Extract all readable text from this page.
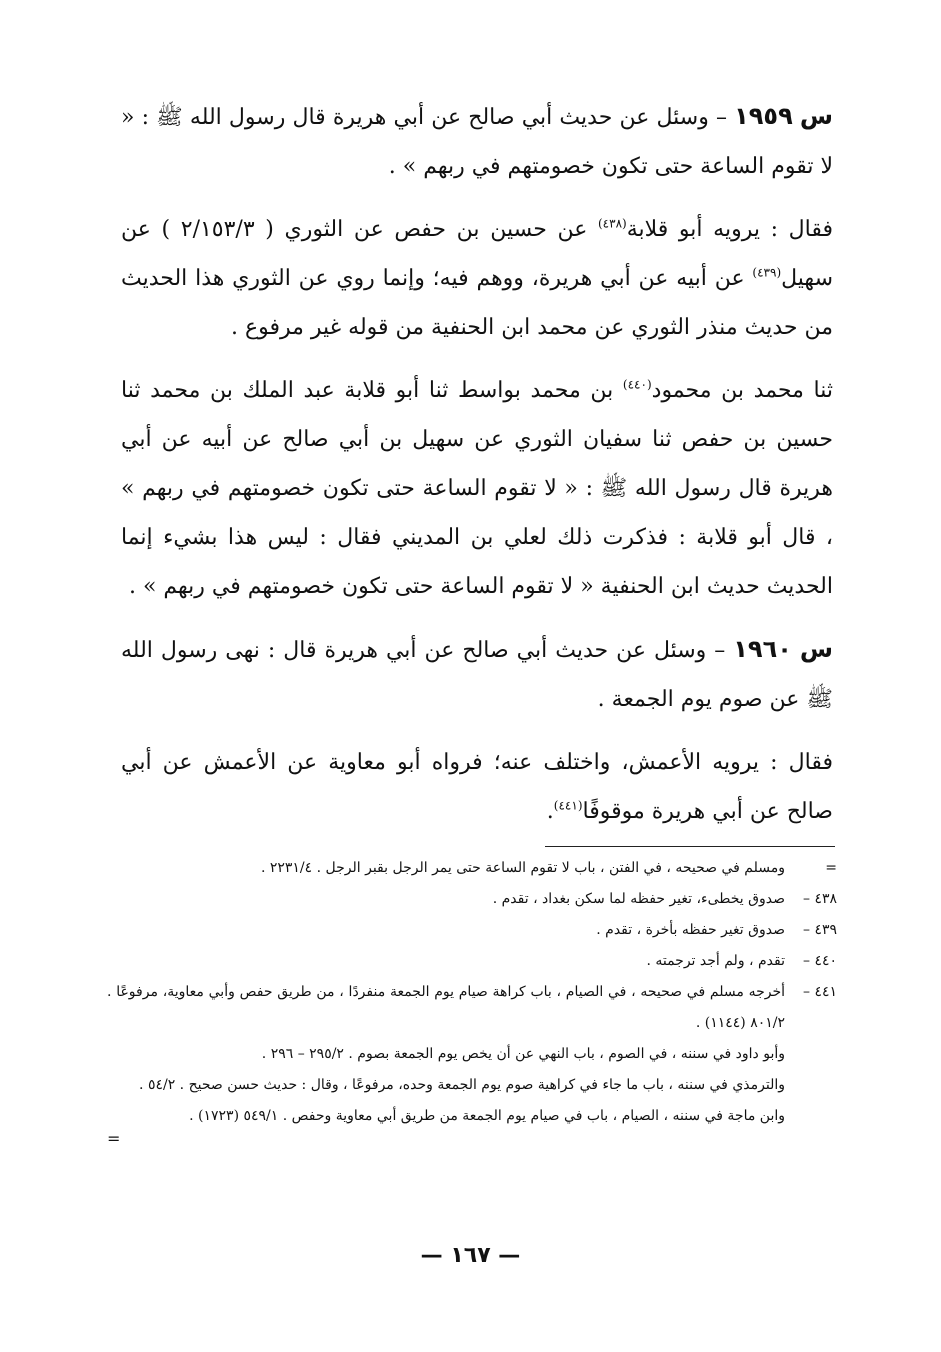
س ١٩٥٩ – وسئل عن حديث أبي صالح عن أبي هريرة قال رسول الله ﷺ : « لا تقوم الساعة حتى تكون خصومتهم في ربهم » .

فقال : يرويه أبو قلابة$^{(٤٣٨)}$ عن حسين بن حفص عن الثوري ( ٢/١٥٣/٣ ) عن سهيل$^{(٤٣٩)}$ عن أبيه عن أبي هريرة، ووهم فيه؛ وإنما روي عن الثوري هذا الحديث من حديث منذر الثوري عن محمد ابن الحنفية من قوله غير مرفوع .

ثنا محمد بن محمود$^{(٤٤٠)}$ بن محمد بواسط ثنا أبو قلابة عبد الملك بن محمد ثنا حسين بن حفص ثنا سفيان الثوري عن سهيل بن أبي صالح عن أبيه عن أبي هريرة قال رسول الله ﷺ : « لا تقوم الساعة حتى تكون خصومتهم في ربهم » ، قال أبو قلابة : فذكرت ذلك لعلي بن المديني فقال : ليس هذا بشيء إنما الحديث حديث ابن الحنفية « لا تقوم الساعة حتى تكون خصومتهم في ربهم » .

س ١٩٦٠ – وسئل عن حديث أبي صالح عن أبي هريرة قال : نهى رسول الله ﷺ عن صوم يوم الجمعة .

فقال : يرويه الأعمش، واختلف عنه؛ فرواه أبو معاوية عن الأعمش عن أبي صالح عن أبي هريرة موقوفًا$^{(٤٤١)}$.

=
ومسلم في صحيحه ، في الفتن ، باب لا تقوم الساعة حتى يمر الرجل بقبر الرجل . ٢٢٣١/٤ .

٤٣٨ –
صدوق يخطىء، تغير حفظه لما سكن بغداد ، تقدم .

٤٣٩ –
صدوق تغير حفظه بأخرة ، تقدم .

٤٤٠ –
تقدم ، ولم أجد ترجمته .

٤٤١ –
أخرجه مسلم في صحيحه ، في الصيام ، باب كراهة صيام يوم الجمعة منفردًا ، من طريق حفص وأبي معاوية، مرفوعًا . ٨٠١/٢ (١١٤٤) .

وأبو داود في سننه ، في الصوم ، باب النهي عن أن يخص يوم الجمعة بصوم . ٢٩٥/٢ – ٢٩٦ .

والترمذي في سننه ، باب ما جاء في كراهية صوم يوم الجمعة وحده، مرفوعًا ، وقال : حديث حسن صحيح . ٥٤/٢ .

وابن ماجة في سننه ، الصيام ، باب في صيام يوم الجمعة من طريق أبي معاوية وحفص . ٥٤٩/١ (١٧٢٣) .

=
— ١٦٧ —
